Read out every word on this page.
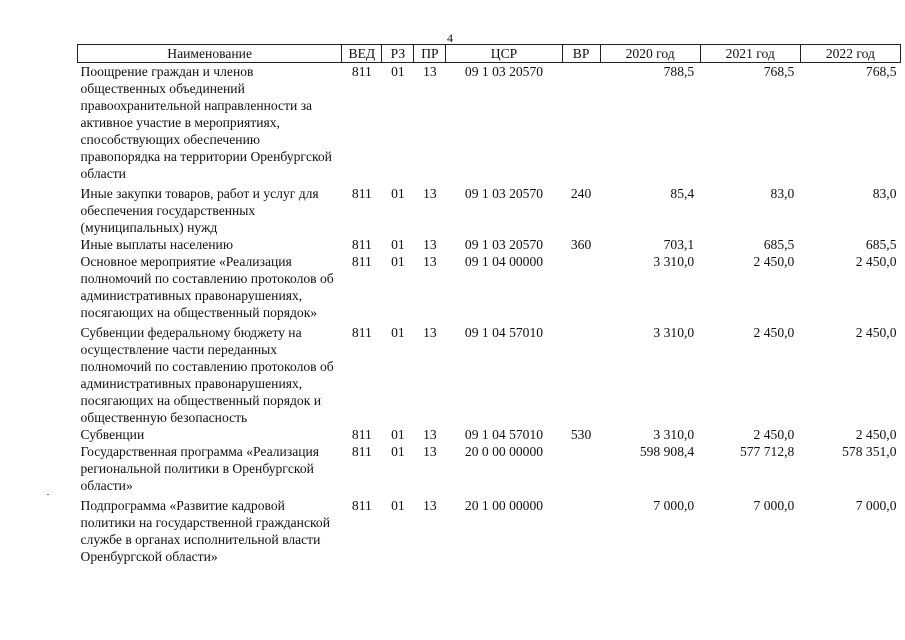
4
Наименование	ВЕД	РЗ	ПР	ЦСР	ВР	2020 год	2021 год	2022 год
Поощрение граждан и членов общественных объединений правоохранительной направленности за активное участие в мероприятиях, способствующих обеспечению правопорядка на территории Оренбургской области	811	01	13	09 1 03 20570		788,5	768,5	768,5
Иные закупки товаров, работ и услуг для обеспечения государственных (муниципальных) нужд	811	01	13	09 1 03 20570	240	85,4	83,0	83,0
Иные выплаты населению	811	01	13	09 1 03 20570	360	703,1	685,5	685,5
Основное мероприятие «Реализация полномочий по составлению протоколов об административных правонарушениях, посягающих на общественный порядок»	811	01	13	09 1 04 00000		3 310,0	2 450,0	2 450,0
Субвенции федеральному бюджету на осуществление части переданных полномочий по составлению протоколов об административных правонарушениях, посягающих на общественный порядок и общественную безопасность	811	01	13	09 1 04 57010		3 310,0	2 450,0	2 450,0
Субвенции	811	01	13	09 1 04 57010	530	3 310,0	2 450,0	2 450,0
Государственная программа «Реализация региональной политики в Оренбургской области»	811	01	13	20 0 00 00000		598 908,4	577 712,8	578 351,0
Подпрограмма «Развитие кадровой политики на государственной гражданской службе в органах исполнительной власти Оренбургской области»	811	01	13	20 1 00 00000		7 000,0	7 000,0	7 000,0
